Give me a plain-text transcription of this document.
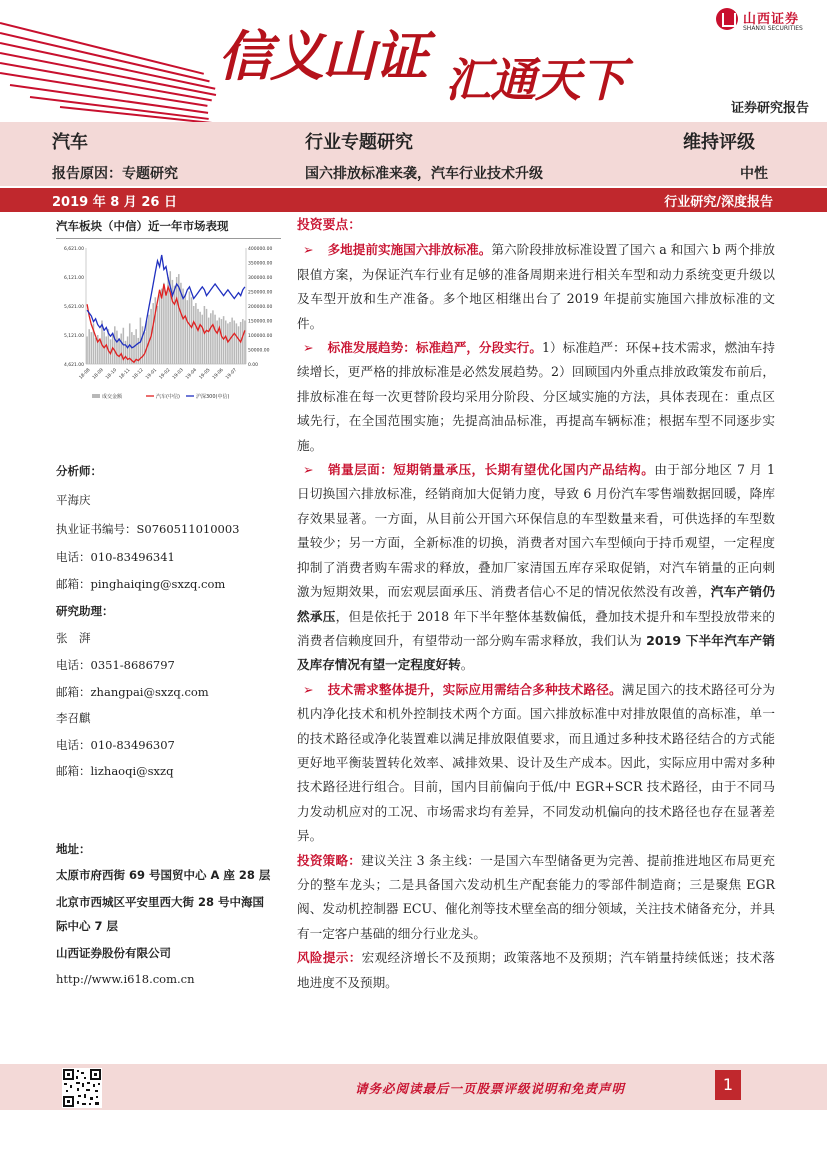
信义山证 汇通天下
山西证券
SHANXI SECURITIES
证券研究报告
汽车	行业专题研究	维持评级
报告原因：专题研究	国六排放标准来袭，汽车行业技术升级	中性
2019 年 8 月 26 日	行业研究/深度报告
汽车板块（中信）近一年市场表现
6,621.00
6,121.00
5,621.00
5,121.00
4,621.00
400000.00
350000.00
300000.00
250000.00
200000.00
150000.00
100000.00
50000.00
0.00
18-08 18-09 18-10 18-11 18-12 19-01 19-02 19-03 19-04 19-05 19-06 19-07
成交金额	汽车(中信)	沪深300(中信)
分析师：
平海庆
执业证书编号：S0760511010003
电话：010-83496341
邮箱：pinghaiqing@sxzq.com
研究助理：
张　湃
电话：0351-8686797
邮箱：zhangpai@sxzq.com
李召麒
电话：010-83496307
邮箱：lizhaoqi@sxzq
地址：
太原市府西街 69 号国贸中心 A 座 28 层
北京市西城区平安里西大街 28 号中海国
际中心 7 层
山西证券股份有限公司
http://www.i618.com.cn
投资要点：
➢ 多地提前实施国六排放标准。第六阶段排放标准设置了国六 a 和国六 b 两个排放限值方案，为保证汽车行业有足够的准备周期来进行相关车型和动力系统变更升级以及车型开放和生产准备。多个地区相继出台了 2019 年提前实施国六排放标准的文件。
➢ 标准发展趋势：标准趋严，分段实行。1）标准趋严：环保+技术需求，燃油车持续增长，更严格的排放标准是必然发展趋势。2）回顾国内外重点排放政策发布前后，排放标准在每一次更替阶段均采用分阶段、分区域实施的方法，具体表现在：重点区域先行，在全国范围实施；先提高油品标准，再提高车辆标准；根据车型不同逐步实施。
➢ 销量层面：短期销量承压，长期有望优化国内产品结构。由于部分地区 7 月 1 日切换国六排放标准，经销商加大促销力度，导致 6 月份汽车零售端数据回暖，降库存效果显著。一方面，从目前公开国六环保信息的车型数量来看，可供选择的车型数量较少；另一方面，全新标准的切换，消费者对国六车型倾向于持币观望，一定程度抑制了消费者购车需求的释放，叠加厂家清国五库存采取促销，对汽车销量的正向刺激为短期效果，而宏观层面承压、消费者信心不足的情况依然没有改善，汽车产销仍然承压，但是依托于 2018 年下半年整体基数偏低，叠加技术提升和车型投放带来的消费者信赖度回升，有望带动一部分购车需求释放，我们认为 2019 下半年汽车产销及库存情况有望一定程度好转。
➢ 技术需求整体提升，实际应用需结合多种技术路径。满足国六的技术路径可分为机内净化技术和机外控制技术两个方面。国六排放标准中对排放限值的高标准，单一的技术路径或净化装置难以满足排放限值要求，而且通过多种技术路径结合的方式能更好地平衡装置转化效率、减排效果、设计及生产成本。因此，实际应用中需对多种技术路径进行组合。目前，国内目前偏向于低/中 EGR+SCR 技术路径，由于不同马力发动机应对的工况、市场需求均有差异，不同发动机偏向的技术路径也存在显著差异。
投资策略：建议关注 3 条主线：一是国六车型储备更为完善、提前推进地区布局更充分的整车龙头；二是具备国六发动机生产配套能力的零部件制造商；三是聚焦 EGR 阀、发动机控制器 ECU、催化剂等技术壁垒高的细分领域，关注技术储备充分，并具有一定客户基础的细分行业龙头。
风险提示：宏观经济增长不及预期；政策落地不及预期；汽车销量持续低迷；技术落地进度不及预期。
请务必阅读最后一页股票评级说明和免责声明	1
